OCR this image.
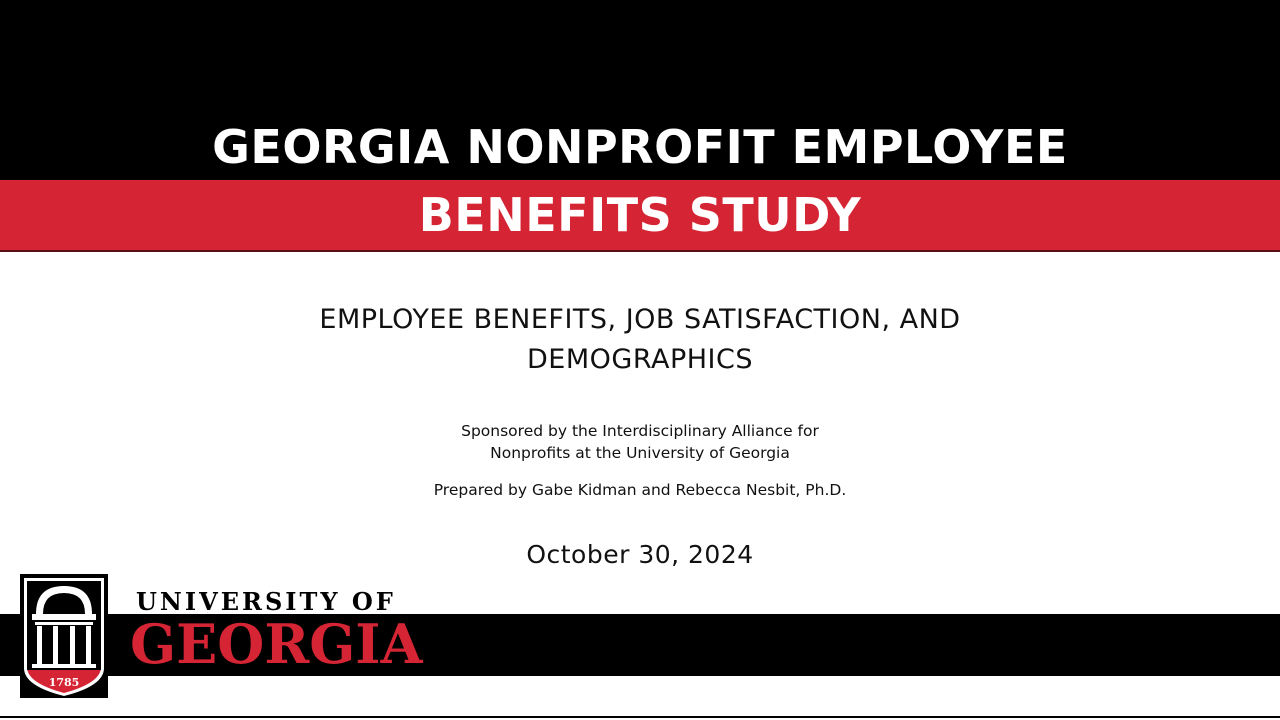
GEORGIA NONPROFIT EMPLOYEE
BENEFITS STUDY
EMPLOYEE BENEFITS, JOB SATISFACTION, AND
DEMOGRAPHICS
Sponsored by the Interdisciplinary Alliance for
Nonprofits at the University of Georgia
Prepared by Gabe Kidman and Rebecca Nesbit, Ph.D.
October 30, 2024
1785
UNIVERSITY OF
GEORGIA
®
